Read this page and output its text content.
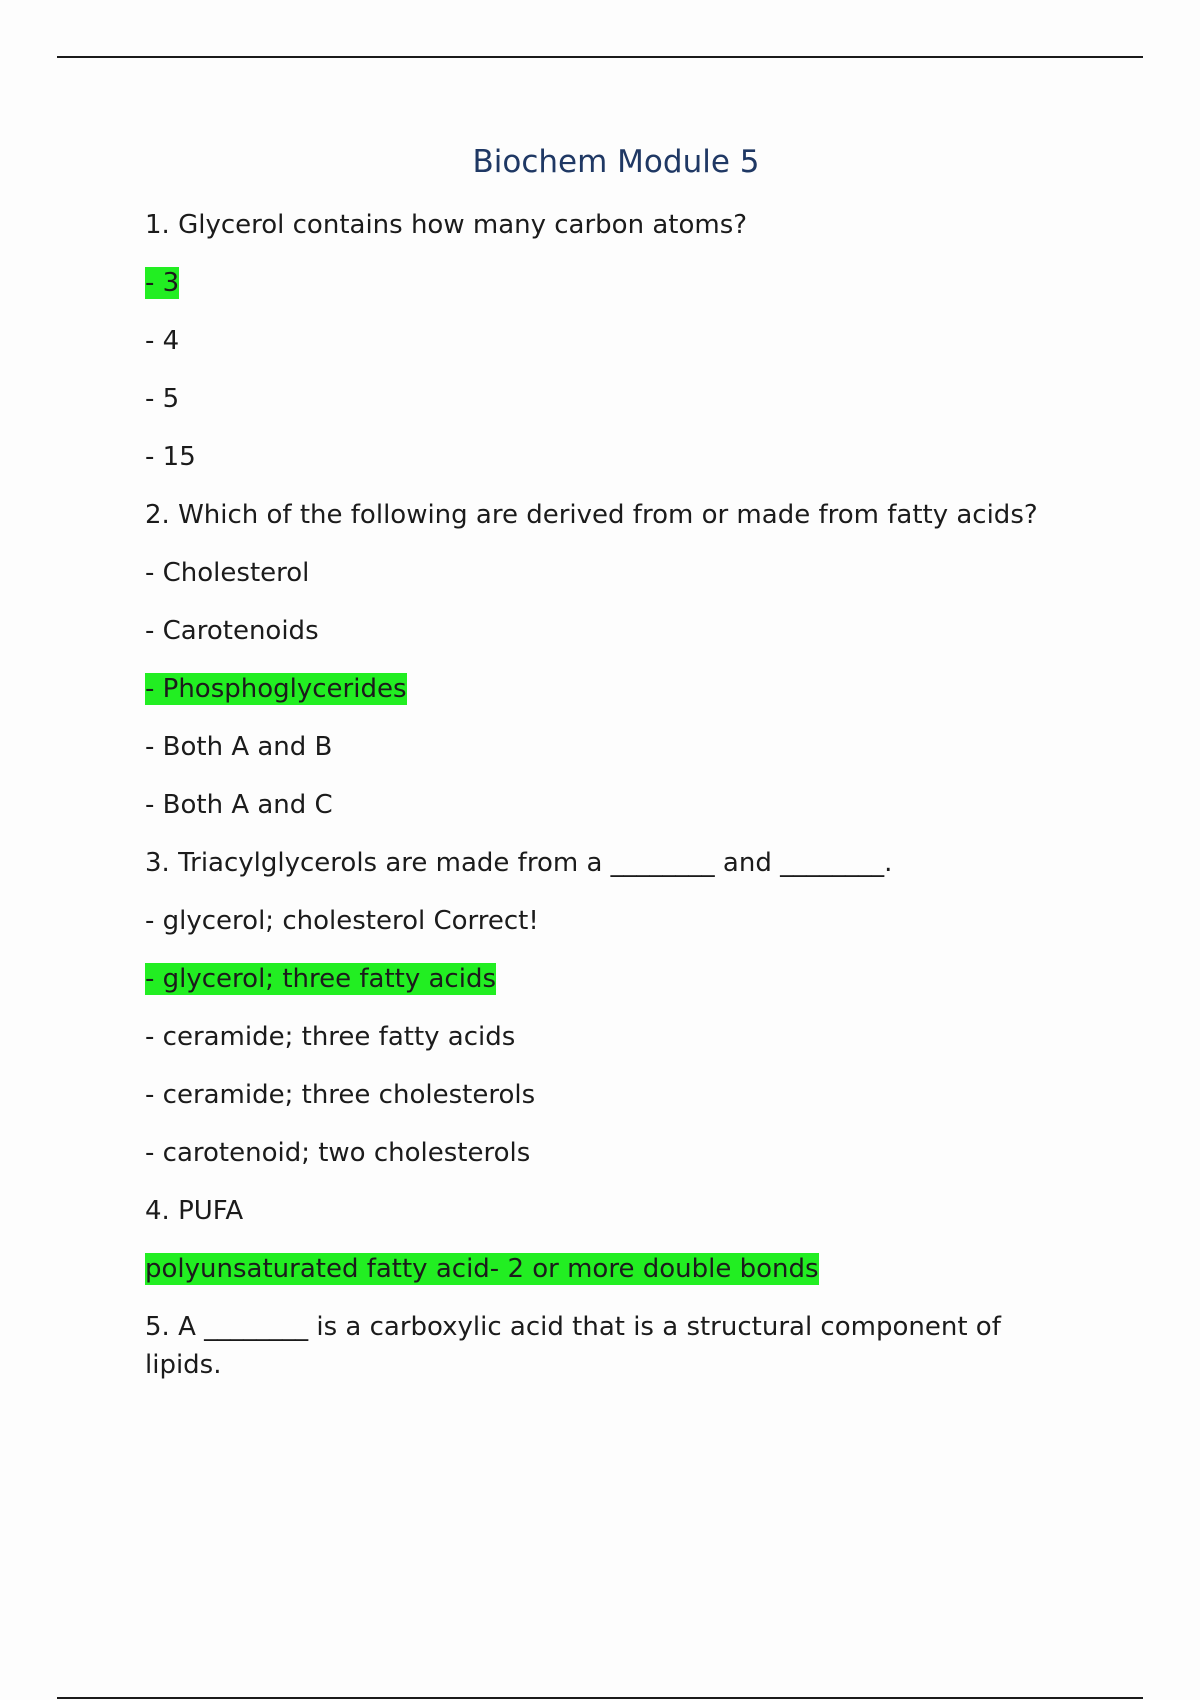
Biochem Module 5

1. Glycerol contains how many carbon atoms?

- 3

- 4

- 5

- 15

2. Which of the following are derived from or made from fatty acids?

- Cholesterol

- Carotenoids

- Phosphoglycerides

- Both A and B

- Both A and C

3. Triacylglycerols are made from a ________ and ________.

- glycerol; cholesterol Correct!

- glycerol; three fatty acids

- ceramide; three fatty acids

- ceramide; three cholesterols

- carotenoid; two cholesterols

4. PUFA

polyunsaturated fatty acid- 2 or more double bonds

5. A ________ is a carboxylic acid that is a structural component of lipids.
